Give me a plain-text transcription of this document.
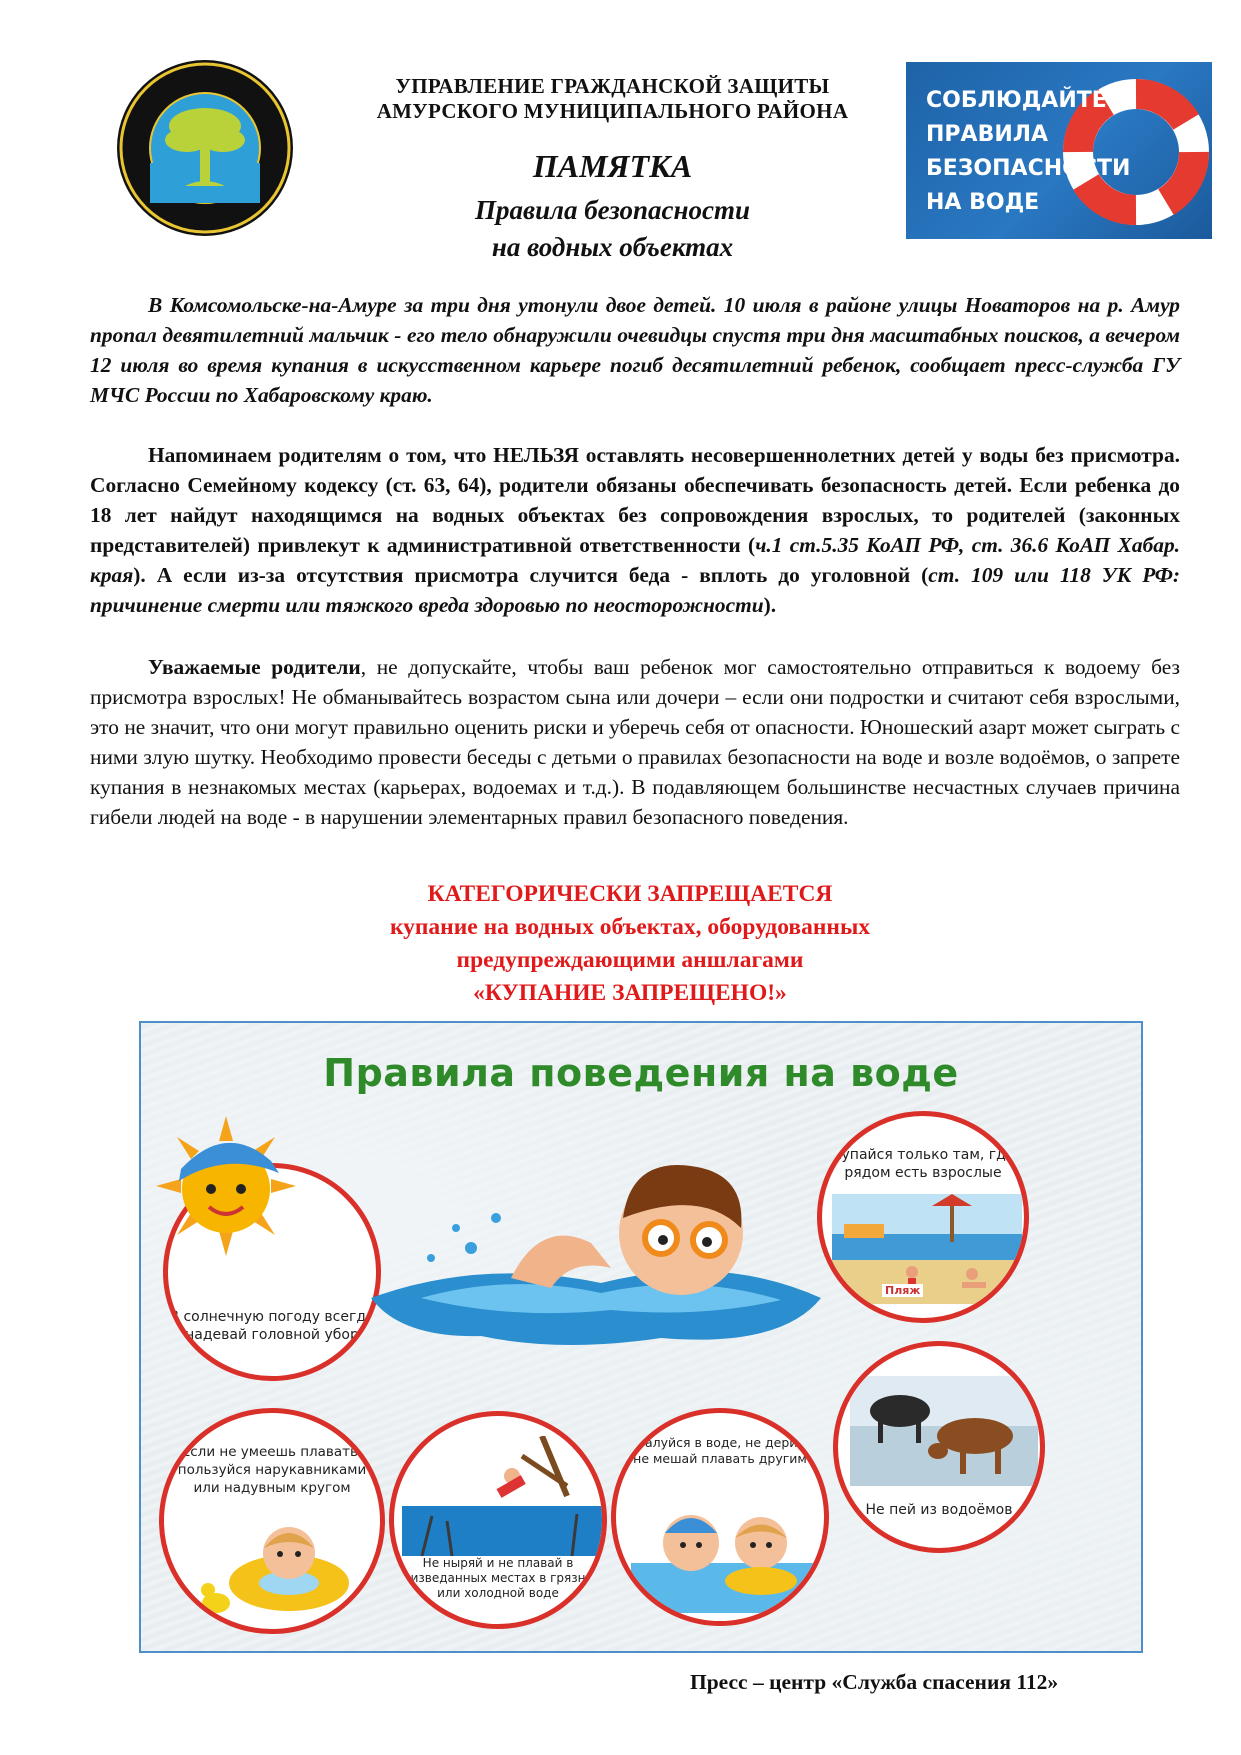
УПРАВЛЕНИЕ ГРАЖДАНСКОЙ ЗАЩИТЫ
АМУРСКОГО МУНИЦИПАЛЬНОГО РАЙОНА
ПАМЯТКА
Правила безопасности
на водных объектах
СОБЛЮДАЙТЕ
ПРАВИЛА
БЕЗОПАСНОСТИ
НА ВОДЕ
В Комсомольске-на-Амуре за три дня утонули двое детей. 10 июля в районе улицы Новаторов на р. Амур пропал девятилетний мальчик - его тело обнаружили очевидцы спустя три дня масштабных поисков, а вечером 12 июля во время купания в искусственном карьере погиб десятилетний ребенок, сообщает пресс-служба ГУ МЧС России по Хабаровскому краю.
Напоминаем родителям о том, что НЕЛЬЗЯ оставлять несовершеннолетних детей у воды без присмотра. Согласно Семейному кодексу (ст. 63, 64), родители обязаны обеспечивать безопасность детей. Если ребенка до 18 лет найдут находящимся на водных объектах без сопровождения взрослых, то родителей (законных представителей) привлекут к административной ответственности (ч.1 ст.5.35 КоАП РФ, ст. 36.6 КоАП Хабар. края). А если из-за отсутствия присмотра случится беда - вплоть до уголовной (ст. 109 или 118 УК РФ: причинение смерти или тяжкого вреда здоровью по неосторожности).
Уважаемые родители, не допускайте, чтобы ваш ребенок мог самостоятельно отправиться к водоему без присмотра взрослых! Не обманывайтесь возрастом сына или дочери – если они подростки и считают себя взрослыми, это не значит, что они могут правильно оценить риски и уберечь себя от опасности. Юношеский азарт может сыграть с ними злую шутку. Необходимо провести беседы с детьми о правилах безопасности на воде и возле водоёмов, о запрете купания в незнакомых местах (карьерах, водоемах и т.д.). В подавляющем большинстве несчастных случаев причина гибели людей на воде - в нарушении элементарных правил безопасного поведения.
КАТЕГОРИЧЕСКИ ЗАПРЕЩАЕТСЯ
купание на водных объектах, оборудованных
предупреждающими аншлагами
«КУПАНИЕ ЗАПРЕЩЕНО!»
Правила поведения на воде
В солнечную погоду всегда надевай головной убор
Купайся только там, где рядом есть взрослые
Пляж
Если не умеешь плавать, пользуйся нарукавниками или надувным кругом
Не ныряй и не плавай в неизведанных местах в грязной или холодной воде
Не балуйся в воде, не дерись и не мешай плавать другим
Не пей из водоёмов
Пресс – центр «Служба спасения 112»
